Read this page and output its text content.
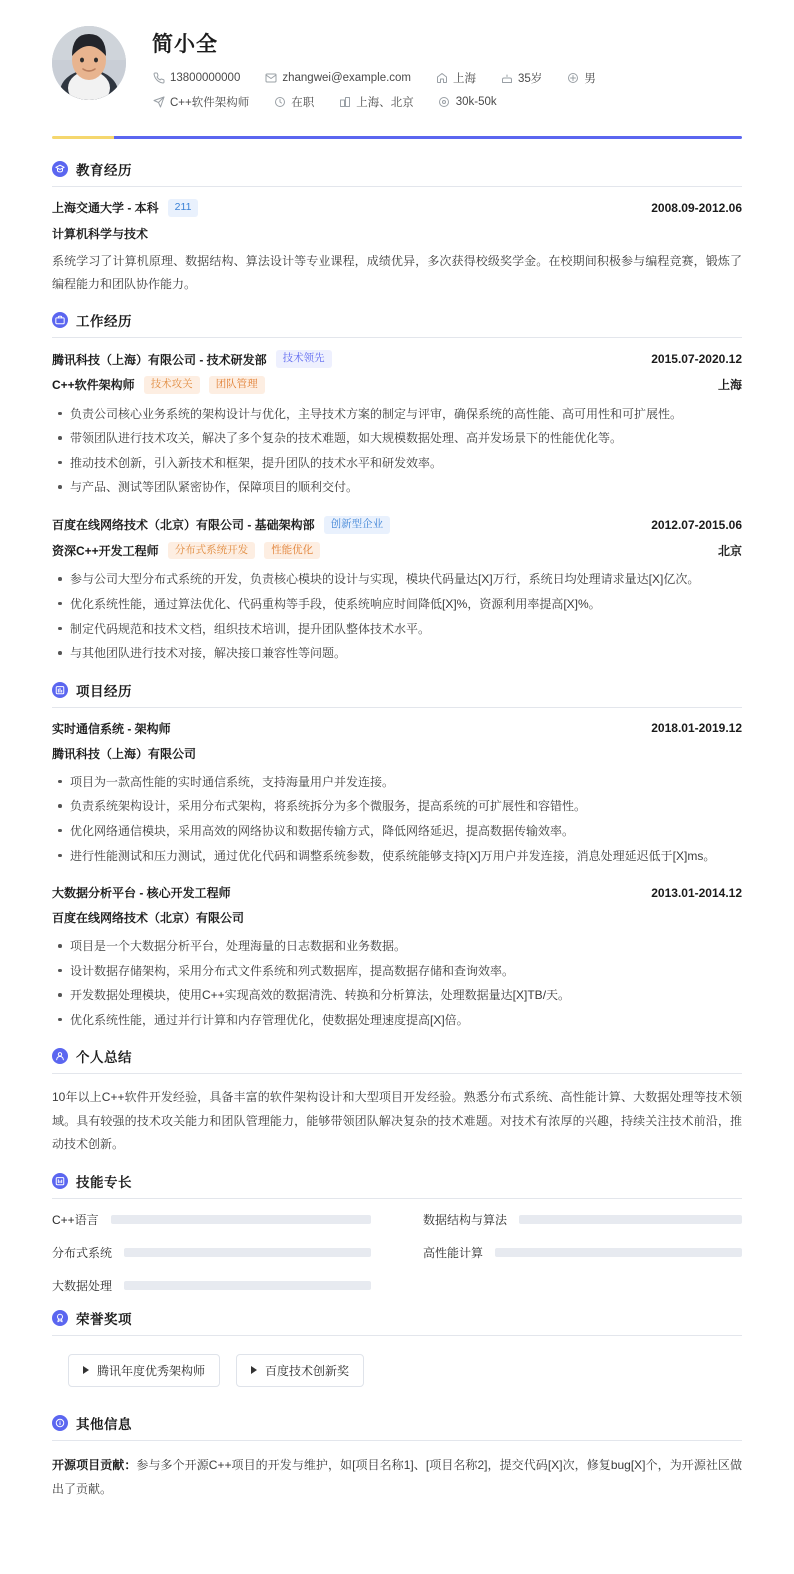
简小全
13800000000	zhangwei@example.com	上海	35岁	男
C++软件架构师	在职	上海、北京	30k-50k
教育经历
上海交通大学 - 本科	211	2008.09-2012.06
计算机科学与技术

系统学习了计算机原理、数据结构、算法设计等专业课程，成绩优异，多次获得校级奖学金。在校期间积极参与编程竞赛，锻炼了编程能力和团队协作能力。

工作经历
腾讯科技（上海）有限公司 - 技术研发部	技术领先	2015.07-2020.12
C++软件架构师	技术攻关	团队管理	上海
负责公司核心业务系统的架构设计与优化，主导技术方案的制定与评审，确保系统的高性能、高可用性和可扩展性。
带领团队进行技术攻关，解决了多个复杂的技术难题，如大规模数据处理、高并发场景下的性能优化等。
推动技术创新，引入新技术和框架，提升团队的技术水平和研发效率。
与产品、测试等团队紧密协作，保障项目的顺利交付。
百度在线网络技术（北京）有限公司 - 基础架构部	创新型企业	2012.07-2015.06
资深C++开发工程师	分布式系统开发	性能优化	北京
参与公司大型分布式系统的开发，负责核心模块的设计与实现，模块代码量达[X]万行，系统日均处理请求量达[X]亿次。
优化系统性能，通过算法优化、代码重构等手段，使系统响应时间降低[X]%，资源利用率提高[X]%。
制定代码规范和技术文档，组织技术培训，提升团队整体技术水平。
与其他团队进行技术对接，解决接口兼容性等问题。
项目经历
实时通信系统 - 架构师	2018.01-2019.12
腾讯科技（上海）有限公司
项目为一款高性能的实时通信系统，支持海量用户并发连接。
负责系统架构设计，采用分布式架构，将系统拆分为多个微服务，提高系统的可扩展性和容错性。
优化网络通信模块，采用高效的网络协议和数据传输方式，降低网络延迟，提高数据传输效率。
进行性能测试和压力测试，通过优化代码和调整系统参数，使系统能够支持[X]万用户并发连接，消息处理延迟低于[X]ms。
大数据分析平台 - 核心开发工程师	2013.01-2014.12
百度在线网络技术（北京）有限公司
项目是一个大数据分析平台，处理海量的日志数据和业务数据。
设计数据存储架构，采用分布式文件系统和列式数据库，提高数据存储和查询效率。
开发数据处理模块，使用C++实现高效的数据清洗、转换和分析算法，处理数据量达[X]TB/天。
优化系统性能，通过并行计算和内存管理优化，使数据处理速度提高[X]倍。
个人总结

10年以上C++软件开发经验，具备丰富的软件架构设计和大型项目开发经验。熟悉分布式系统、高性能计算、大数据处理等技术领域。具有较强的技术攻关能力和团队管理能力，能够带领团队解决复杂的技术难题。对技术有浓厚的兴趣，持续关注技术前沿，推动技术创新。

技能专长
C++语言	数据结构与算法
分布式系统	高性能计算
大数据处理
荣誉奖项
腾讯年度优秀架构师	百度技术创新奖
其他信息

开源项目贡献：参与多个开源C++项目的开发与维护，如[项目名称1]、[项目名称2]，提交代码[X]次，修复bug[X]个，为开源社区做出了贡献。
